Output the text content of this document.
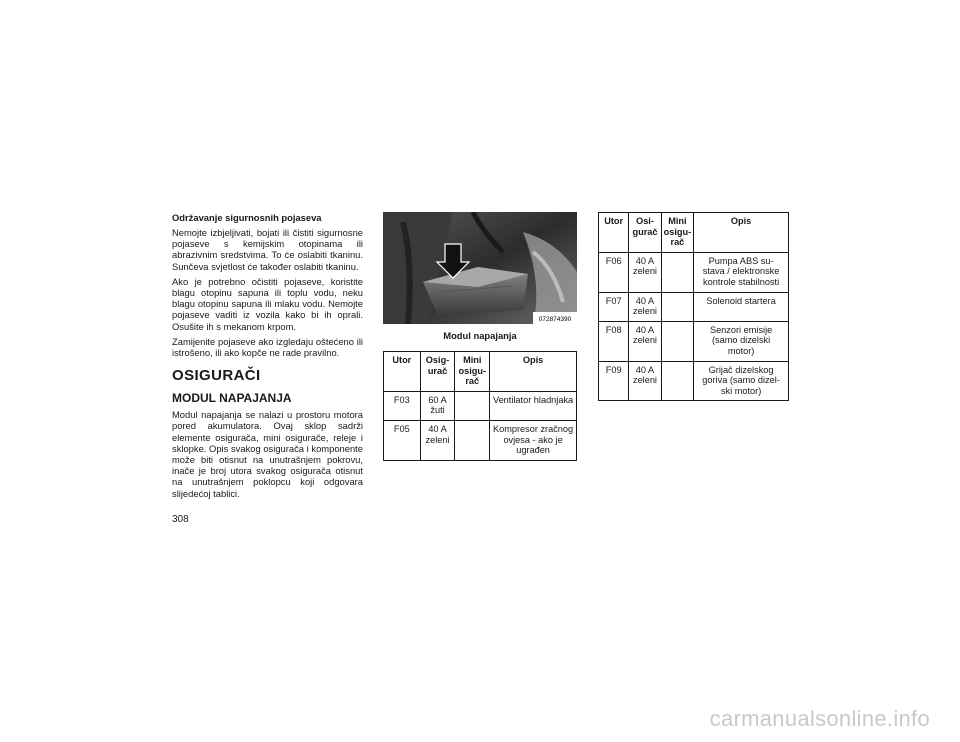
Održavanje sigurnosnih pojaseva

Nemojte izbjeljivati, bojati ili čistiti sigurnosne pojaseve s kemijskim otopinama ili abrazivnim sredstvima. To će oslabiti tkaninu. Sunčeva svjetlost će također oslabiti tkaninu.

Ako je potrebno očistiti pojaseve, koristite blagu otopinu sapuna ili toplu vodu, neku blagu otopinu sapuna ili mlaku vodu. Nemojte pojaseve vaditi iz vozila kako bi ih oprali. Osušite ih s mekanom krpom.

Zamijenite pojaseve ako izgledaju oštećeno ili istrošeno, ili ako kopče ne rade pravilno.

OSIGURAČI
MODUL NAPAJANJA

Modul napajanja se nalazi u prostoru motora pored akumulatora. Ovaj sklop sadrži elemente osigurača, mini osigurače, releje i sklopke. Opis svakog osigurača i komponente može biti otisnut na unutrašnjem pokrovu, inače je broj utora svakog osigurača otisnut na unutrašnjem poklopcu koji odgovara slijedećoj tablici.

072874390
Modul napajanja
Utor	Osig-
urač	Mini
osigu-
rač	Opis
F03	60 A
žuti		Ventilator hladnjaka
F05	40 A
zeleni		Kompresor zračnog
ovjesa - ako je
ugrađen
Utor	Osi-
gurač	Mini
osigu-
rač	Opis
F06	40 A
zeleni		Pumpa ABS su-
stava / elektronske
kontrole stabilnosti
F07	40 A
zeleni		Solenoid startera
F08	40 A
zeleni		Senzori emisije
(samo dizelski
motor)
F09	40 A
zeleni		Grijač dizelskog
goriva (samo dizel-
ski motor)
308
carmanualsonline.info
